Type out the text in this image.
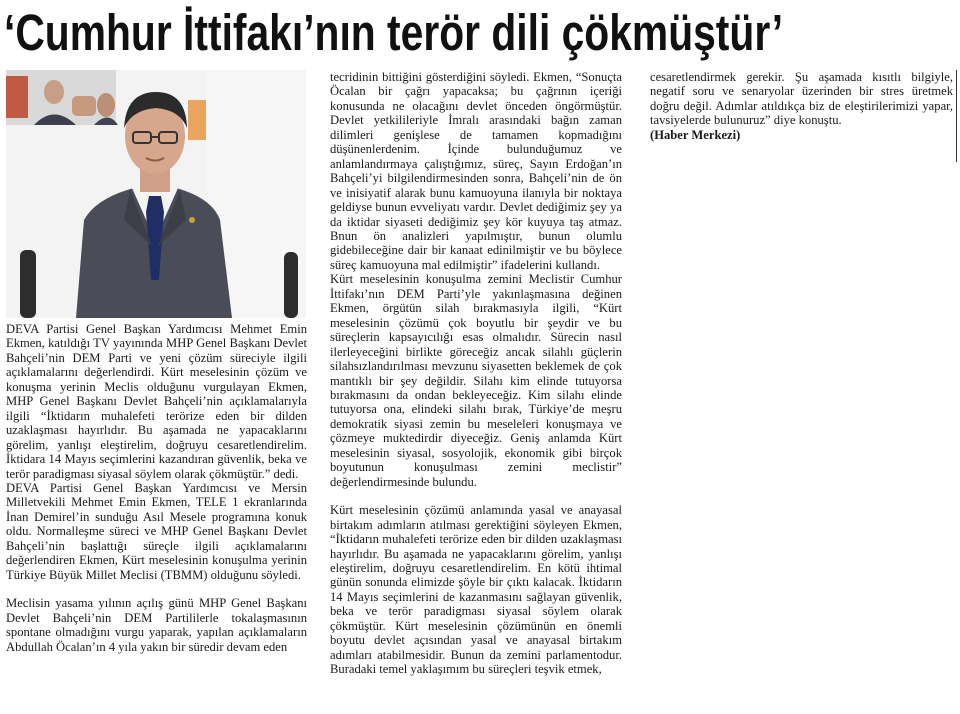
‘Cumhur İttifakı’nın terör dili çökmüştür’

DEVA Partisi Genel Başkan Yardımcısı Mehmet Emin Ekmen, katıldığı TV yayınında MHP Genel Başkanı Devlet Bahçeli’nin DEM Parti ve yeni çözüm süreciyle ilgili açıklamalarını değerlendirdi. Kürt meselesinin çözüm ve konuşma yerinin Meclis olduğunu vurgulayan Ekmen, MHP Genel Başkanı Devlet Bahçeli’nin açıklamalarıyla ilgili “İktidarın muhalefeti terörize eden bir dilden uzaklaşması hayırlıdır. Bu aşamada ne yapacaklarını görelim, yanlışı eleştirelim, doğruyu cesaretlendirelim. İktidara 14 Mayıs seçimlerini kazandıran güvenlik, beka ve terör paradigması siyasal söylem olarak çökmüştür.” dedi.

DEVA Partisi Genel Başkan Yardımcısı ve Mersin Milletvekili Mehmet Emin Ekmen, TELE 1 ekranlarında İnan Demirel’in sunduğu Asıl Mesele programına konuk oldu. Normalleşme süreci ve MHP Genel Başkanı Devlet Bahçeli’nin başlattığı süreçle ilgili açıklamalarını değerlendiren Ekmen, Kürt meselesinin konuşulma yerinin Türkiye Büyük Millet Meclisi (TBMM) olduğunu söyledi.

Meclisin yasama yılının açılış günü MHP Genel Başkanı Devlet Bahçeli’nin DEM Partililerle tokalaşmasının spontane olmadığını vurgu yaparak, yapılan açıklamaların Abdullah Öcalan’ın 4 yıla yakın bir süredir devam eden

tecridinin bittiğini gösterdiğini söyledi. Ekmen, “Sonuçta Öcalan bir çağrı yapacaksa; bu çağrının içeriği konusunda ne olacağını devlet önceden öngörmüştür. Devlet yetkilileriyle İmralı arasındaki bağın zaman dilimleri genişlese de tamamen kopmadığını düşünenlerdenim. İçinde bulunduğumuz ve anlamlandırmaya çalıştığımız, süreç, Sayın Erdoğan’ın Bahçeli’yi bilgilendirmesinden sonra, Bahçeli’nin de ön ve inisiyatif alarak bunu kamuoyuna ilanıyla bir noktaya geldiyse bunun evveliyatı vardır. Devlet dediğimiz şey ya da iktidar siyaseti dediğimiz şey kör kuyuya taş atmaz. Bnun ön analizleri yapılmıştır, bunun olumlu gidebileceğine dair bir kanaat edinilmiştir ve bu böylece süreç kamuoyuna mal edilmiştir” ifadelerini kullandı.

Kürt meselesinin konuşulma zemini Meclistir Cumhur İttifakı’nın DEM Parti’yle yakınlaşmasına değinen Ekmen, örgütün silah bırakmasıyla ilgili, “Kürt meselesinin çözümü çok boyutlu bir şeydir ve bu süreçlerin kapsayıcılığı esas olmalıdır. Sürecin nasıl ilerleyeceğini birlikte göreceğiz ancak silahlı güçlerin silahsızlandırılması mevzunu siyasetten beklemek de çok mantıklı bir şey değildir. Silahı kim elinde tutuyorsa bırakmasını da ondan bekleyeceğiz. Kim silahı elinde tutuyorsa ona, elindeki silahı bırak, Türkiye’de meşru demokratik siyasi zemin bu meseleleri konuşmaya ve çözmeye muktedirdir diyeceğiz. Geniş anlamda Kürt meselesinin siyasal, sosyolojik, ekonomik gibi birçok boyutunun konuşulması zemini meclistir” değerlendirmesinde bulundu.

Kürt meselesinin çözümü anlamında yasal ve anayasal birtakım adımların atılması gerektiğini söyleyen Ekmen, “İktidarın muhalefeti terörize eden bir dilden uzaklaşması hayırlıdır. Bu aşamada ne yapacaklarını görelim, yanlışı eleştirelim, doğruyu cesaretlendirelim. En kötü ihtimal günün sonunda elimizde şöyle bir çıktı kalacak. İktidarın 14 Mayıs seçimlerini de kazanmasını sağlayan güvenlik, beka ve terör paradigması siyasal söylem olarak çökmüştür. Kürt meselesinin çözümünün en önemli boyutu devlet açısından yasal ve anayasal birtakım adımları atabilmesidir. Bunun da zemini parlamentodur. Buradaki temel yaklaşımım bu süreçleri teşvik etmek,

cesaretlendirmek gerekir. Şu aşamada kısıtlı bilgiyle, negatif soru ve senaryolar üzerinden bir stres üretmek doğru değil. Adımlar atıldıkça biz de eleştirilerimizi yapar, tavsiyelerde bulunuruz” diye konuştu.

(Haber Merkezi)
